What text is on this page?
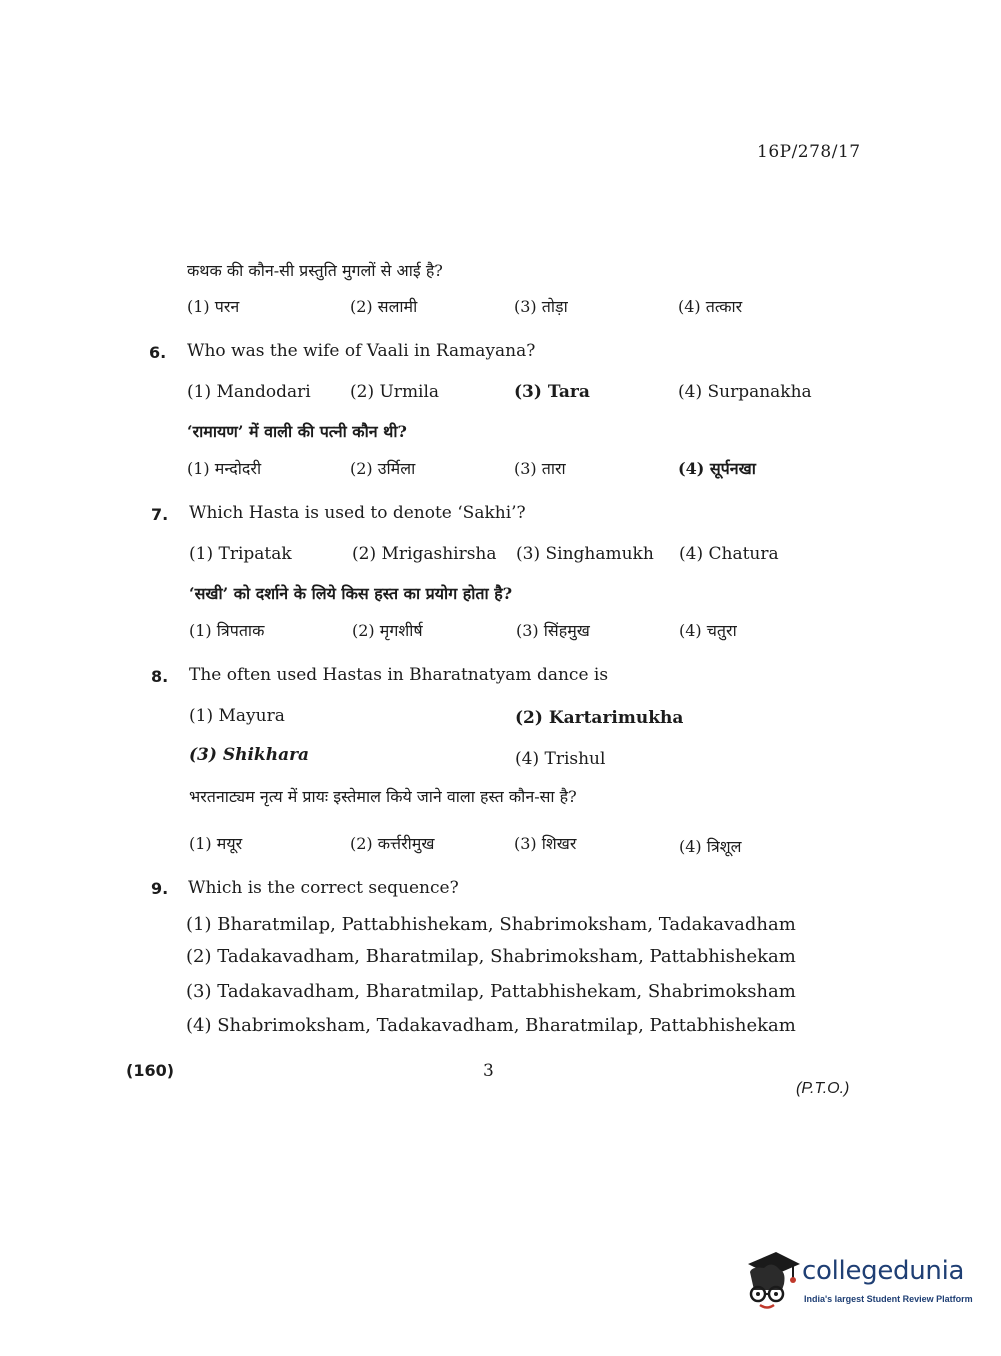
16P/278/17
कथक की कौन-सी प्रस्तुति मुगलों से आई है?
(1) परन	(2) सलामी	(3) तोड़ा	(4) तत्कार
6. Who was the wife of Vaali in Ramayana?
(1) Mandodari (2) Urmila	(3) Tara	(4) Surpanakha
‘रामायण’ में वाली की पत्नी कौन थी?
(1) मन्दोदरी	(2) उर्मिला	(3) तारा	(4) सूर्पनखा
7. Which Hasta is used to denote ‘Sakhi’?
(1) Tripatak	(2) Mrigashirsha (3) Singhamukh (4) Chatura
‘सखी’ को दर्शाने के लिये किस हस्त का प्रयोग होता है?
(1) त्रिपताक	(2) मृगशीर्ष	(3) सिंहमुख	(4) चतुरा
8. The often used Hastas in Bharatnatyam dance is
(1) Mayura	(2) Kartarimukha
(3) Shikhara	(4) Trishul
भरतनाट्यम नृत्य में प्रायः इस्तेमाल किये जाने वाला हस्त कौन-सा है?
(1) मयूर	(2) कर्त्तरीमुख	(3) शिखर	(4) त्रिशूल
9. Which is the correct sequence?
(1) Bharatmilap, Pattabhishekam, Shabrimoksham, Tadakavadham
(2) Tadakavadham, Bharatmilap, Shabrimoksham, Pattabhishekam
(3) Tadakavadham, Bharatmilap, Pattabhishekam, Shabrimoksham
(4) Shabrimoksham, Tadakavadham, Bharatmilap, Pattabhishekam
(160)	3
(P.T.O.)
collegedunia
India's largest Student Review Platform
